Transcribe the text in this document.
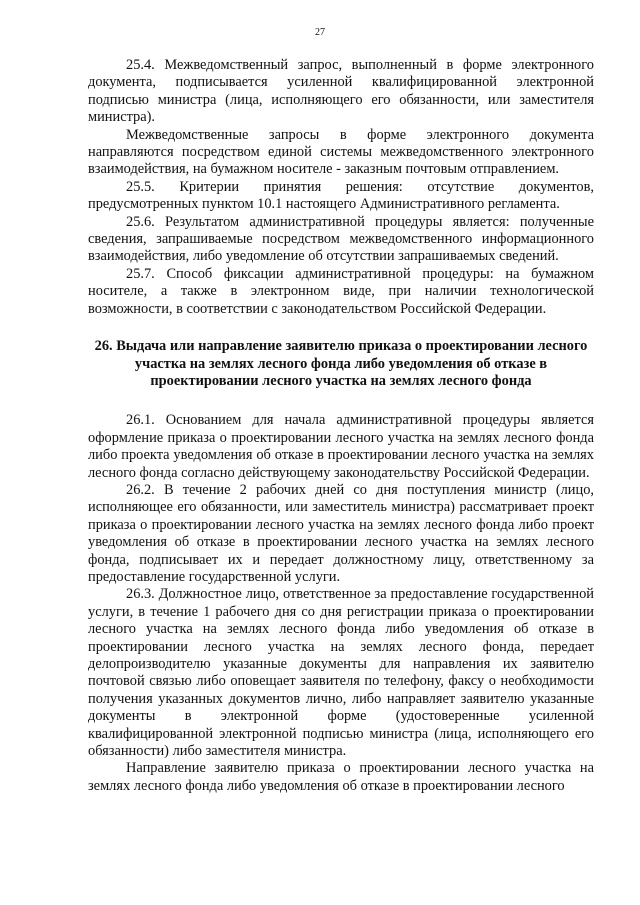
27

25.4. Межведомственный запрос, выполненный в форме электронного документа, подписывается усиленной квалифицированной электронной подписью министра (лица, исполняющего его обязанности, или заместителя министра).

Межведомственные запросы в форме электронного документа направляются посредством единой системы межведомственного электронного взаимодействия, на бумажном носителе - заказным почтовым отправлением.

25.5. Критерии принятия решения: отсутствие документов, предусмотренных пунктом 10.1 настоящего Административного регламента.

25.6. Результатом административной процедуры является: полученные сведения, запрашиваемые посредством межведомственного информационного взаимодействия, либо уведомление об отсутствии запрашиваемых сведений.

25.7. Способ фиксации административной процедуры: на бумажном носителе, а также в электронном виде, при наличии технологической возможности, в соответствии с законодательством Российской Федерации.

26. Выдача или направление заявителю приказа о проектировании лесного участка на землях лесного фонда либо уведомления об отказе в проектировании лесного участка на землях лесного фонда

26.1. Основанием для начала административной процедуры является оформление приказа о проектировании лесного участка на землях лесного фонда либо проекта уведомления об отказе в проектировании лесного участка на землях лесного фонда согласно действующему законодательству Российской Федерации.

26.2. В течение 2 рабочих дней со дня поступления министр (лицо, исполняющее его обязанности, или заместитель министра) рассматривает проект приказа о проектировании лесного участка на землях лесного фонда либо проект уведомления об отказе в проектировании лесного участка на землях лесного фонда, подписывает их и передает должностному лицу, ответственному за предоставление государственной услуги.

26.3. Должностное лицо, ответственное за предоставление государственной услуги, в течение 1 рабочего дня со дня регистрации приказа о проектировании лесного участка на землях лесного фонда либо уведомления об отказе в проектировании лесного участка на землях лесного фонда, передает делопроизводителю указанные документы для направления их заявителю почтовой связью либо оповещает заявителя по телефону, факсу о необходимости получения указанных документов лично, либо направляет заявителю указанные документы в электронной форме (удостоверенные усиленной квалифицированной электронной подписью министра (лица, исполняющего его обязанности) либо заместителя министра.

Направление заявителю приказа о проектировании лесного участка на землях лесного фонда либо уведомления об отказе в проектировании лесного
